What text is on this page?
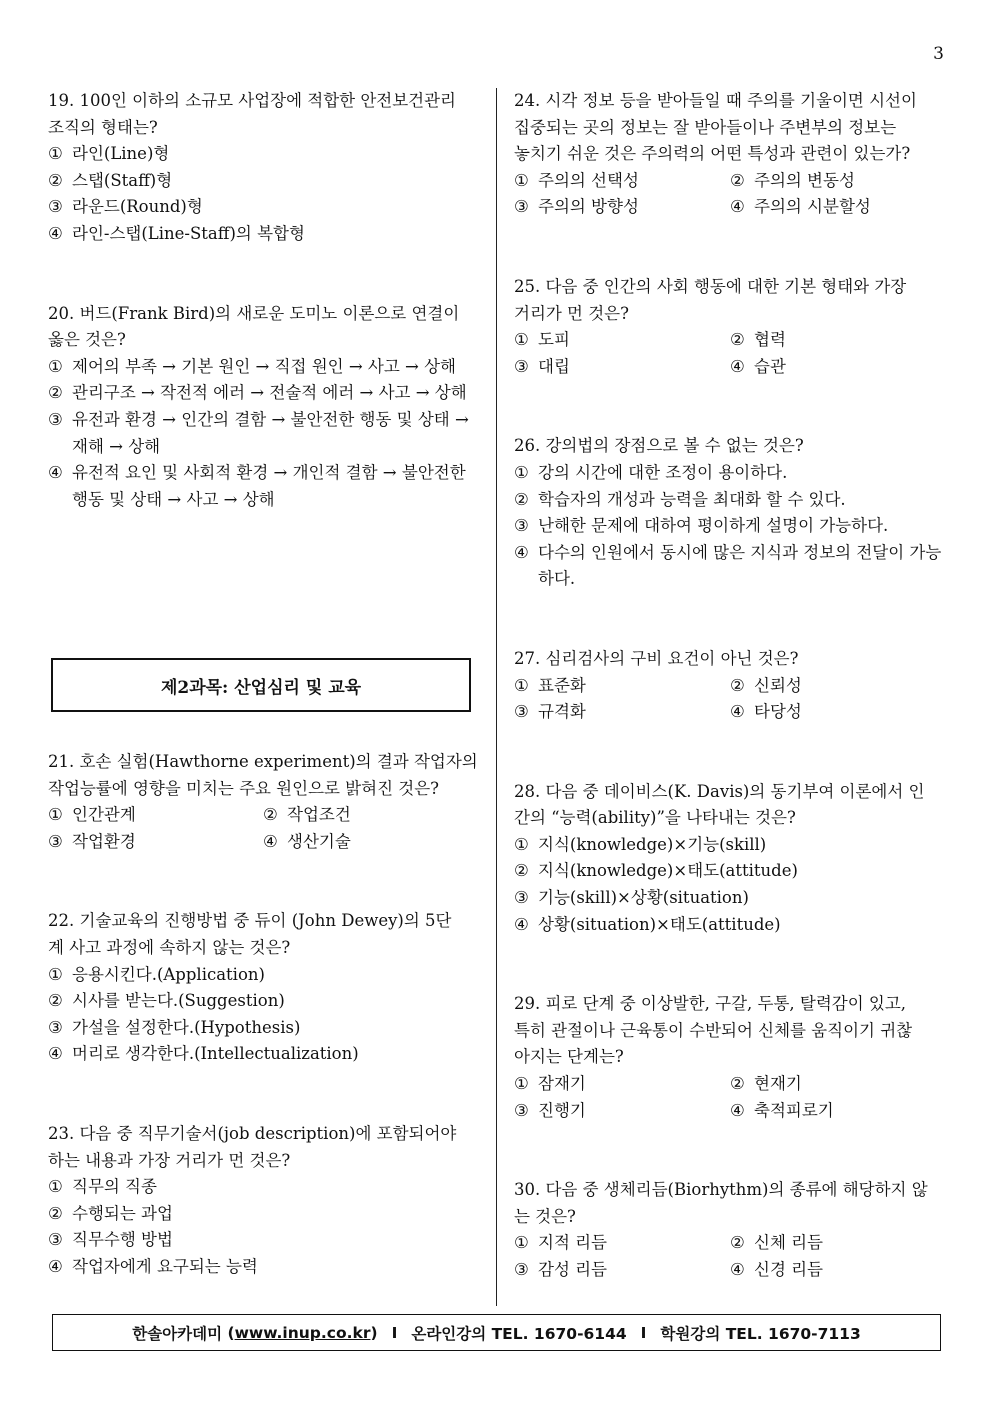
3
19. 100인 이하의 소규모 사업장에 적합한 안전보건관리
조직의 형태는?
① 라인(Line)형
② 스탭(Staff)형
③ 라운드(Round)형
④ 라인-스탭(Line-Staff)의 복합형
20. 버드(Frank Bird)의 새로운 도미노 이론으로 연결이
옳은 것은?
① 제어의 부족 → 기본 원인 → 직접 원인 → 사고 → 상해
② 관리구조 → 작전적 에러 → 전술적 에러 → 사고 → 상해
③ 유전과 환경 → 인간의 결함 → 불안전한 행동 및 상태 → 재해 → 상해
④ 유전적 요인 및 사회적 환경 → 개인적 결함 → 불안전한 행동 및 상태 → 사고 → 상해
제2과목: 산업심리 및 교육
21. 호손 실험(Hawthorne experiment)의 결과 작업자의
작업능률에 영향을 미치는 주요 원인으로 밝혀진 것은?
① 인간관계	② 작업조건
③ 작업환경	④ 생산기술
22. 기술교육의 진행방법 중 듀이 (John Dewey)의 5단
계 사고 과정에 속하지 않는 것은?
① 응용시킨다.(Application)
② 시사를 받는다.(Suggestion)
③ 가설을 설정한다.(Hypothesis)
④ 머리로 생각한다.(Intellectualization)
23. 다음 중 직무기술서(job description)에 포함되어야
하는 내용과 가장 거리가 먼 것은?
① 직무의 직종
② 수행되는 과업
③ 직무수행 방법
④ 작업자에게 요구되는 능력
24. 시각 정보 등을 받아들일 때 주의를 기울이면 시선이
집중되는 곳의 정보는 잘 받아들이나 주변부의 정보는
놓치기 쉬운 것은 주의력의 어떤 특성과 관련이 있는가?
① 주의의 선택성	② 주의의 변동성
③ 주의의 방향성	④ 주의의 시분할성
25. 다음 중 인간의 사회 행동에 대한 기본 형태와 가장
거리가 먼 것은?
① 도피	② 협력
③ 대립	④ 습관
26. 강의법의 장점으로 볼 수 없는 것은?
① 강의 시간에 대한 조정이 용이하다.
② 학습자의 개성과 능력을 최대화 할 수 있다.
③ 난해한 문제에 대하여 평이하게 설명이 가능하다.
④ 다수의 인원에서 동시에 많은 지식과 정보의 전달이 가능하다.
27. 심리검사의 구비 요건이 아닌 것은?
① 표준화	② 신뢰성
③ 규격화	④ 타당성
28. 다음 중 데이비스(K. Davis)의 동기부여 이론에서 인
간의 “능력(ability)”을 나타내는 것은?
① 지식(knowledge)×기능(skill)
② 지식(knowledge)×태도(attitude)
③ 기능(skill)×상황(situation)
④ 상황(situation)×태도(attitude)
29. 피로 단계 중 이상발한, 구갈, 두통, 탈력감이 있고,
특히 관절이나 근육통이 수반되어 신체를 움직이기 귀찮
아지는 단계는?
① 잠재기	② 현재기
③ 진행기	④ 축적피로기
30. 다음 중 생체리듬(Biorhythm)의 종류에 해당하지 않
는 것은?
① 지적 리듬	② 신체 리듬
③ 감성 리듬	④ 신경 리듬
한솔아카데미 ( www.inup.co.kr ) I 온라인강의 TEL. 1670-6144 I 학원강의 TEL. 1670-7113
